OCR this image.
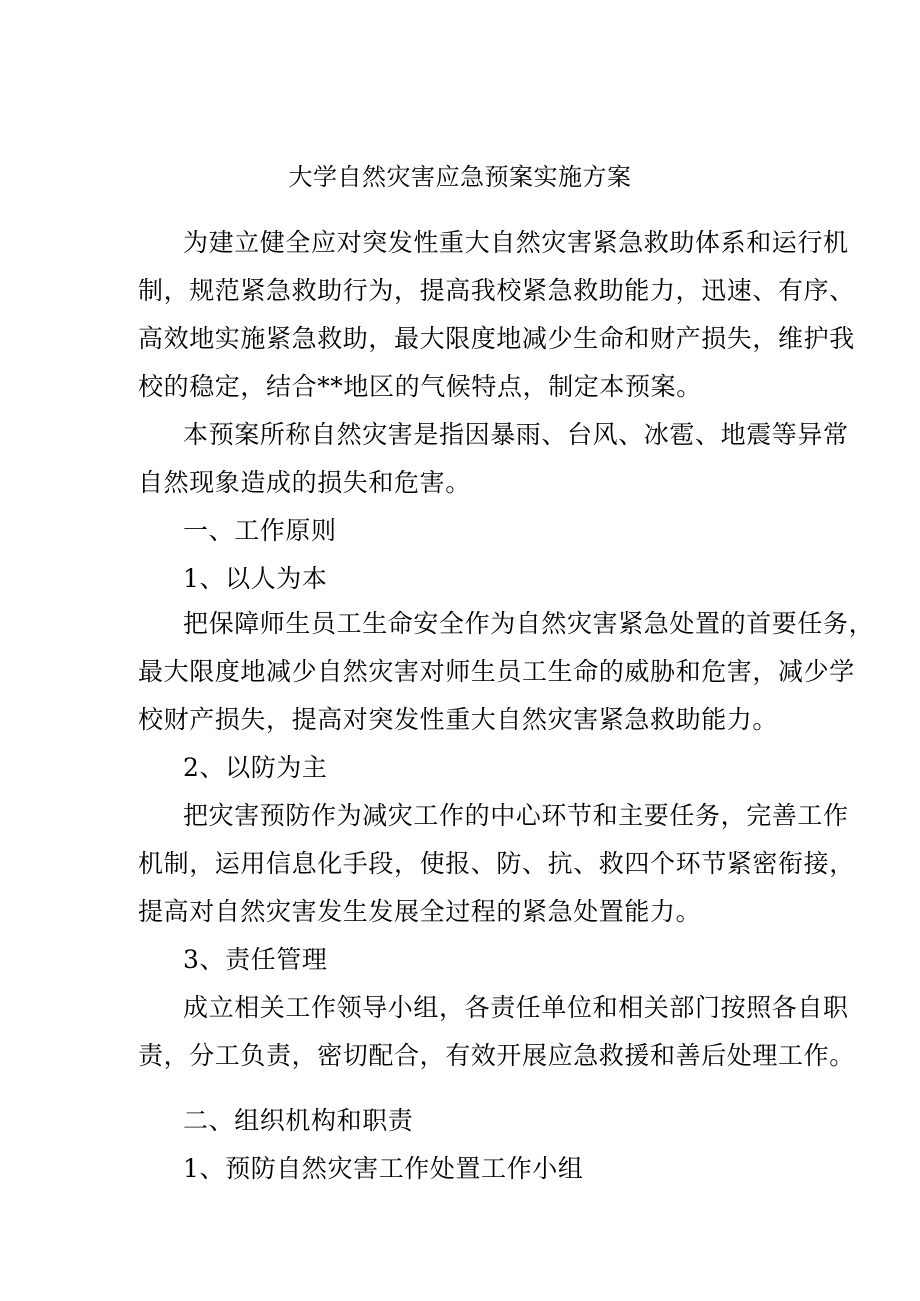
大学自然灾害应急预案实施方案
为建立健全应对突发性重大自然灾害紧急救助体系和运行机
制，规范紧急救助行为，提高我校紧急救助能力，迅速、有序、
高效地实施紧急救助，最大限度地减少生命和财产损失，维护我
校的稳定，结合**地区的气候特点，制定本预案。
本预案所称自然灾害是指因暴雨、台风、冰雹、地震等异常
自然现象造成的损失和危害。
一、工作原则
1、以人为本
把保障师生员工生命安全作为自然灾害紧急处置的首要任务，
最大限度地减少自然灾害对师生员工生命的威胁和危害，减少学
校财产损失，提高对突发性重大自然灾害紧急救助能力。
2、以防为主
把灾害预防作为减灾工作的中心环节和主要任务，完善工作
机制，运用信息化手段，使报、防、抗、救四个环节紧密衔接，
提高对自然灾害发生发展全过程的紧急处置能力。
3、责任管理
成立相关工作领导小组，各责任单位和相关部门按照各自职
责，分工负责，密切配合，有效开展应急救援和善后处理工作。
二、组织机构和职责
1、预防自然灾害工作处置工作小组
